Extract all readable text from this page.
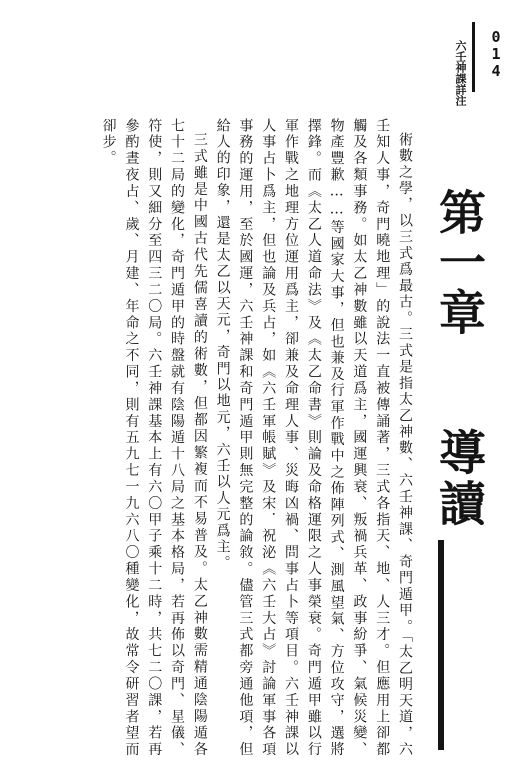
014
六壬神課詳注
第一章
導讀

術數之學，以三式爲最古。三式是指太乙神數、六壬神課、奇門遁甲。「太乙明天道，六壬知人事，奇門曉地理」的說法一直被傳誦著，三式各指天、地、人三才。但應用上卻都觸及各類事務。如太乙神數雖以天道爲主，國運興衰、叛禍兵革、政事紛爭、氣候災變、物產豐歉……等國家大事，但也兼及行軍作戰中之佈陣列式、測風望氣、方位攻守，選將擇鋒。而《太乙人道命法》及《太乙命書》則論及命格運限之人事榮衰。奇門遁甲雖以行軍作戰之地理方位運用爲主，卻兼及命理人事、災晦凶禍、問事占卜等項目。六壬神課以人事占卜爲主，但也論及兵占，如《六壬軍帳賦》及宋．祝泌《六壬大占》討論軍事各項事務的運用，至於國運，六壬神課和奇門遁甲則無完整的論敘。儘管三式都旁通他項，但給人的印象，還是太乙以天元，奇門以地元，六壬以人元爲主。

三式雖是中國古代先儒喜讀的術數，但都因繁複而不易普及。太乙神數需精通陰陽遁各七十二局的變化，奇門遁甲的時盤就有陰陽遁十八局之基本格局，若再佈以奇門、星儀、符使，則又細分至四三二〇局。六壬神課基本上有六〇甲子乘十二時，共七二〇課，若再參酌晝夜占、歲、月建、年命之不同，則有五九七一九六八〇種變化，故常令研習者望而卻步。
